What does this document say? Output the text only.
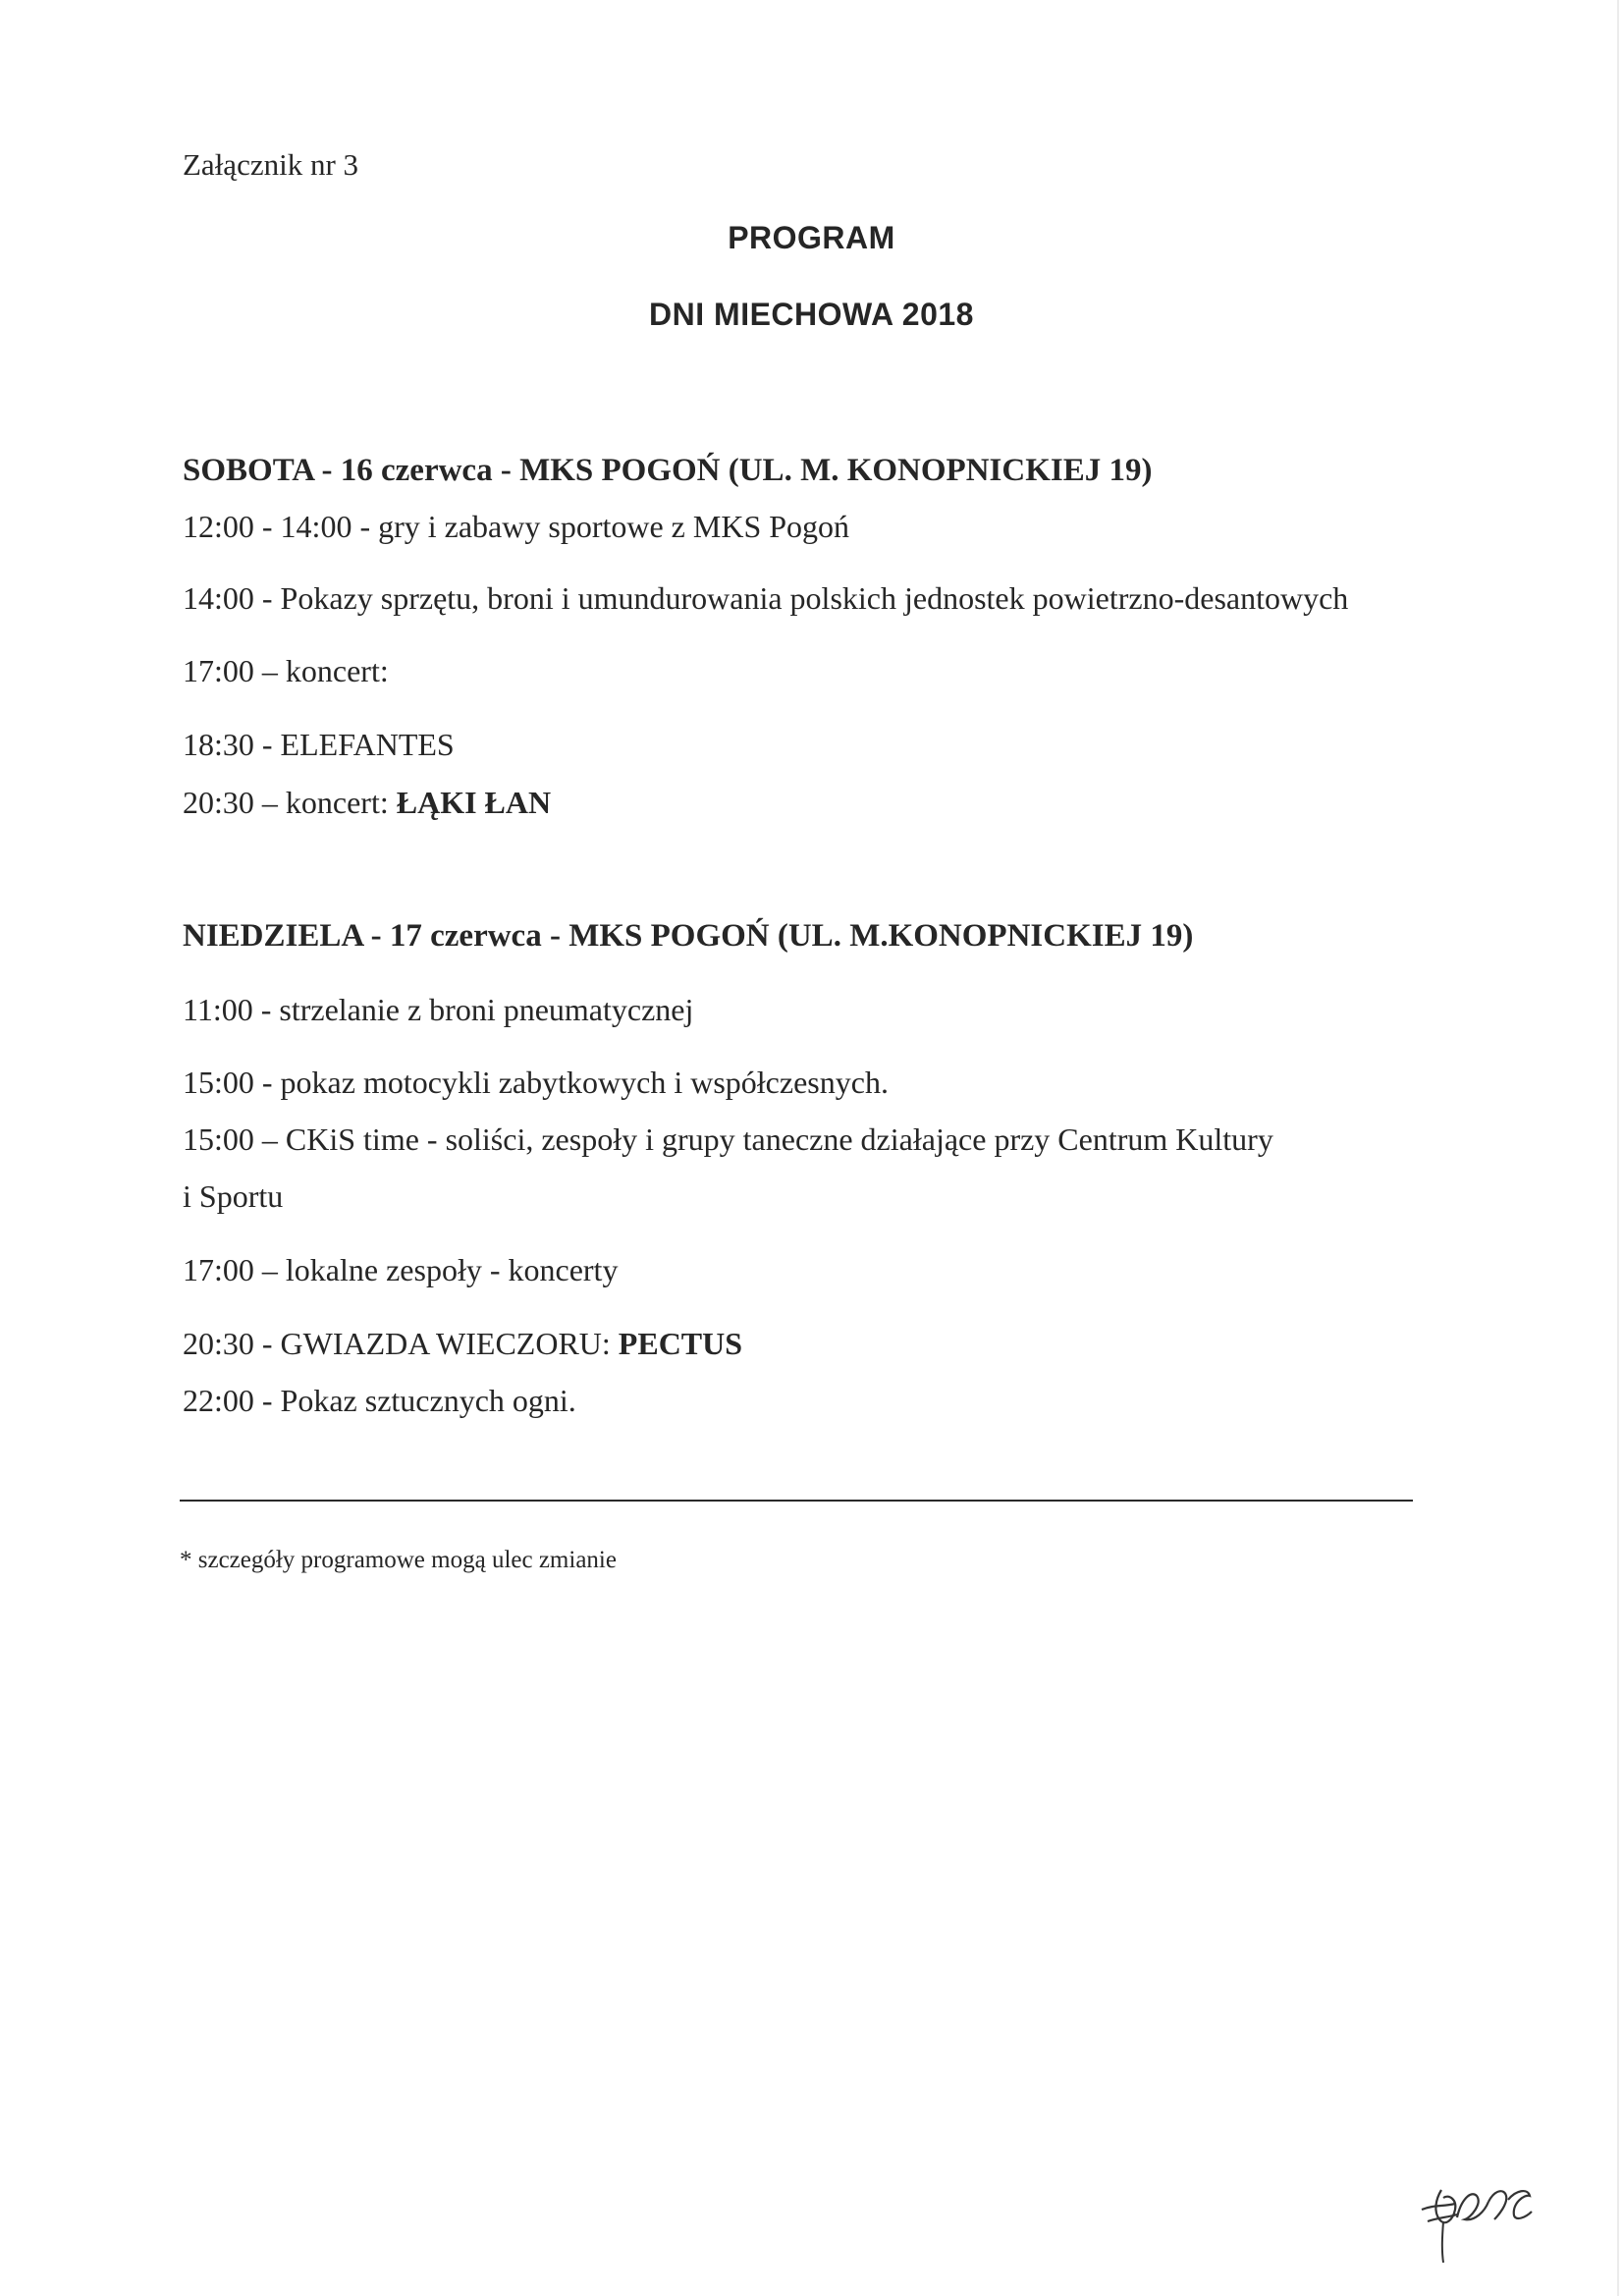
Załącznik nr 3
PROGRAM
DNI MIECHOWA 2018
SOBOTA - 16 czerwca - MKS POGOŃ (UL. M. KONOPNICKIEJ 19)
12:00 - 14:00 - gry i zabawy sportowe z MKS Pogoń
14:00 - Pokazy sprzętu, broni i umundurowania polskich jednostek powietrzno-desantowych
17:00 – koncert:
18:30 - ELEFANTES
20:30 – koncert: ŁĄKI ŁAN
NIEDZIELA - 17 czerwca - MKS POGOŃ (UL. M.KONOPNICKIEJ 19)
11:00 - strzelanie z broni pneumatycznej
15:00 - pokaz motocykli zabytkowych i współczesnych.
15:00 – CKiS time - soliści, zespoły i grupy taneczne działające przy Centrum Kultury
i Sportu
17:00 – lokalne zespoły - koncerty
20:30 - GWIAZDA WIECZORU: PECTUS
22:00 - Pokaz sztucznych ogni.
* szczegóły programowe mogą ulec zmianie
